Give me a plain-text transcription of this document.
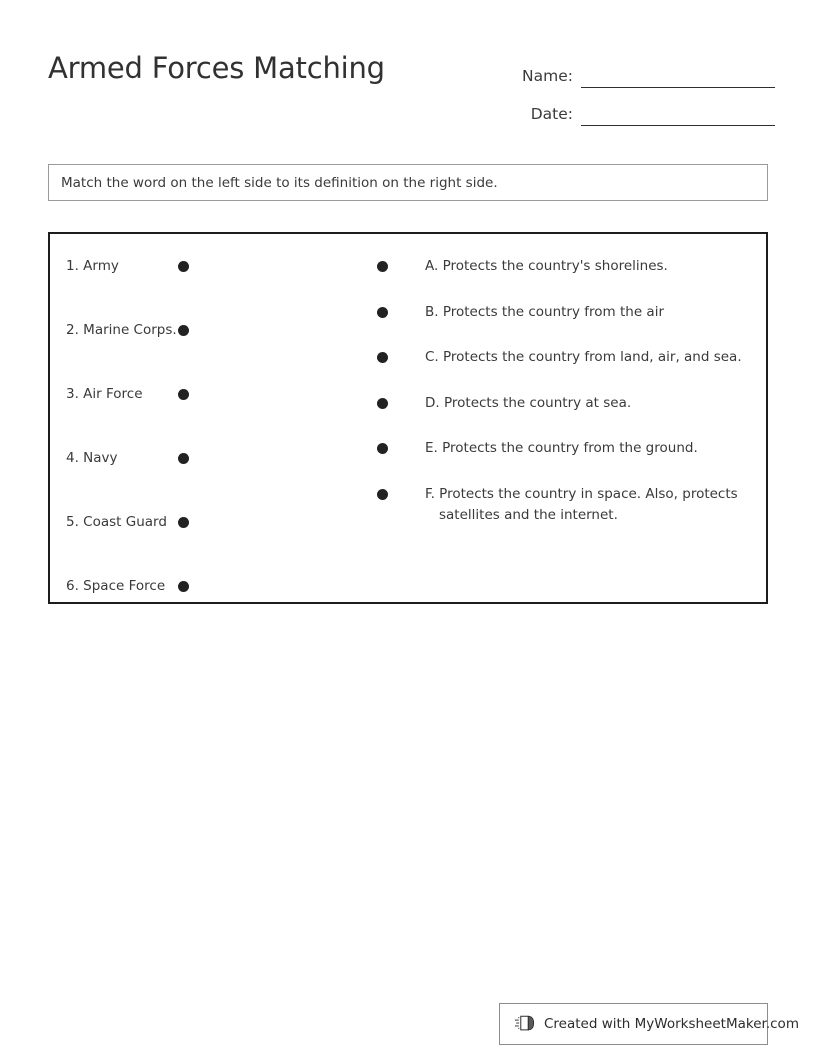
Armed Forces Matching	Name:
Date:
Match the word on the left side to its definition on the right side.
1. Army
2. Marine Corps.
3. Air Force
4. Navy
5. Coast Guard
6. Space Force
A. Protects the country's shorelines.
B. Protects the country from the air
C. Protects the country from land, air, and sea.
D. Protects the country at sea.
E. Protects the country from the ground.
F. Protects the country in space. Also, protects satellites and the internet.
Created with MyWorksheetMaker.com
